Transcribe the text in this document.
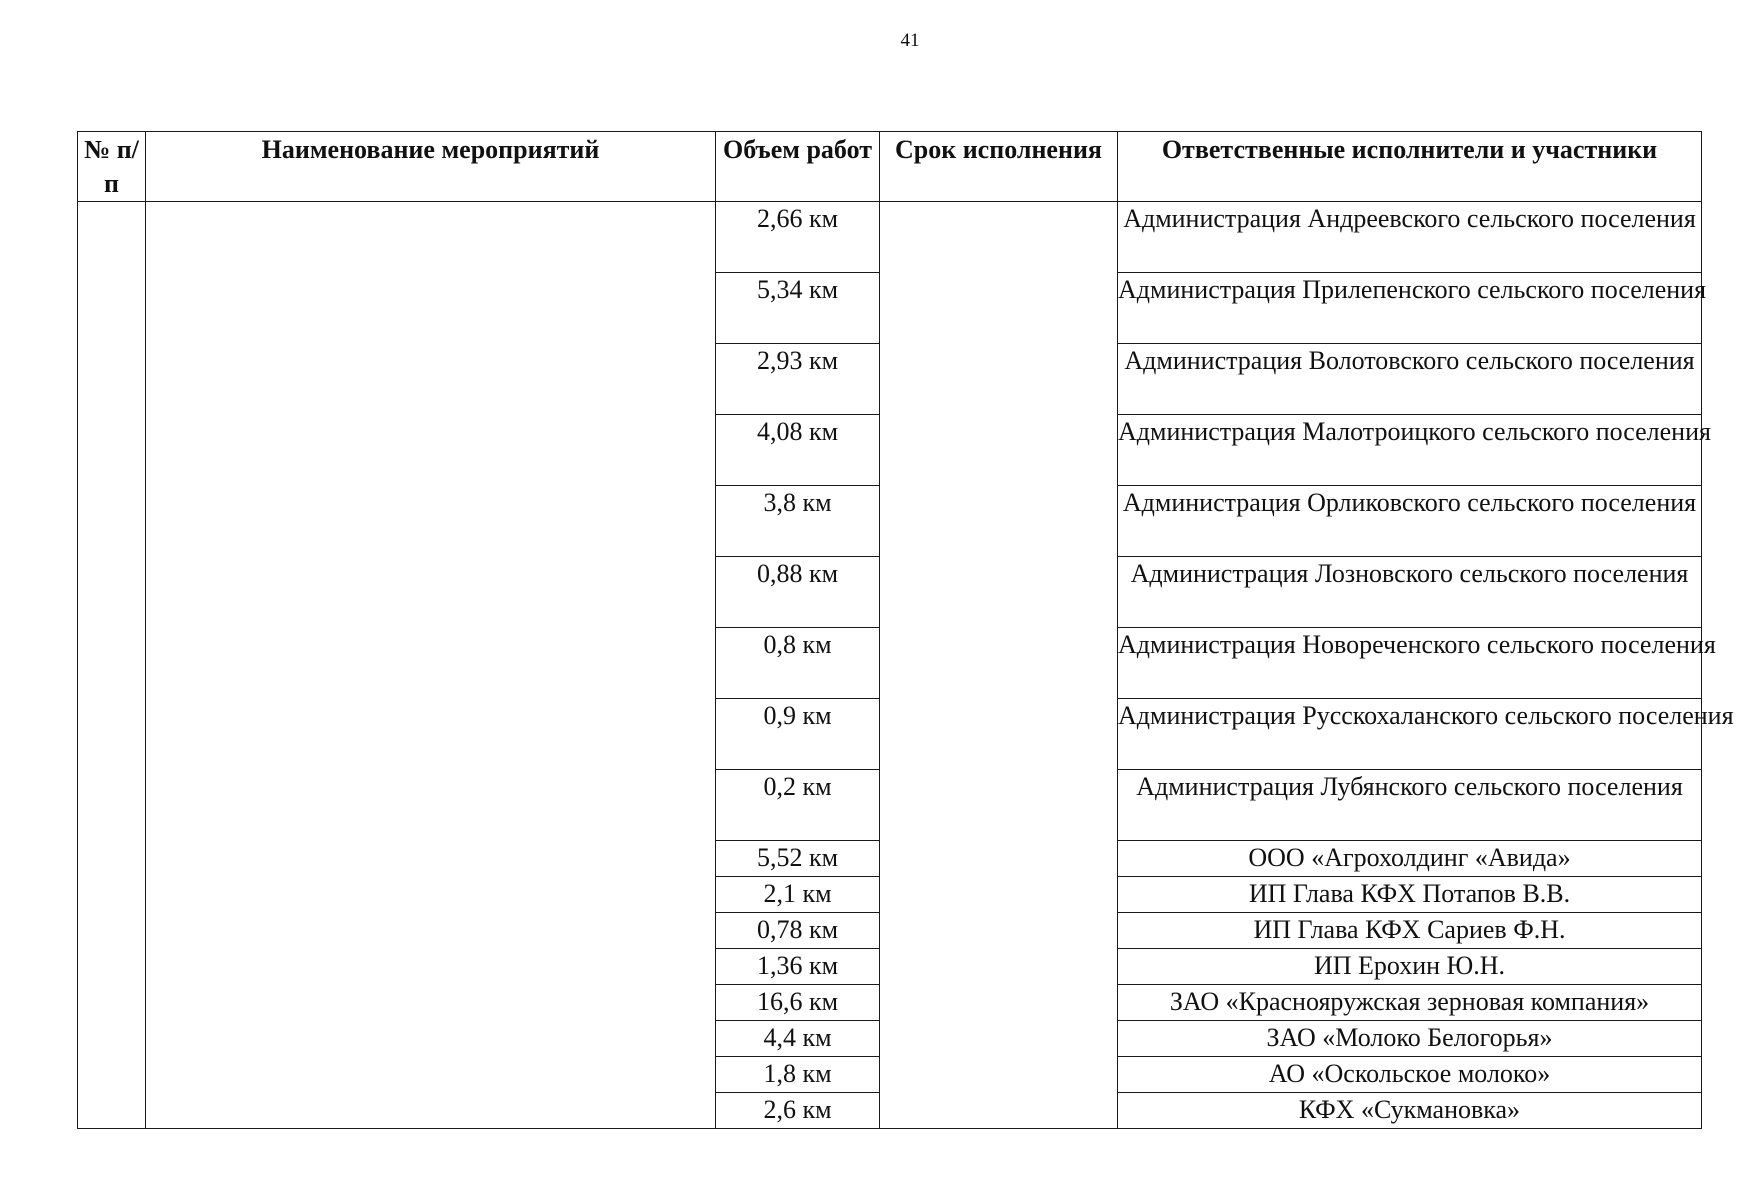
41
№ п/п	Наименование мероприятий	Объем работ	Срок исполнения	Ответственные исполнители и участники
		2,66 км		Администрация Андреевского сельского поселения
		5,34 км		Администрация Прилепенского сельского поселения
		2,93 км		Администрация Волотовского сельского поселения
		4,08 км		Администрация Малотроицкого сельского поселения
		3,8 км		Администрация Орликовского сельского поселения
		0,88 км		Администрация Лозновского сельского поселения
		0,8 км		Администрация Новореченского сельского поселения
		0,9 км		Администрация Русскохаланского сельского поселения
		0,2 км		Администрация Лубянского сельского поселения
		5,52 км		ООО «Агрохолдинг «Авида»
		2,1 км		ИП Глава КФХ Потапов В.В.
		0,78 км		ИП Глава КФХ Сариев Ф.Н.
		1,36 км		ИП Ерохин Ю.Н.
		16,6 км		ЗАО «Краснояружская зерновая компания»
		4,4 км		ЗАО «Молоко Белогорья»
		1,8 км		АО «Оскольское молоко»
		2,6 км		КФХ «Сукмановка»
